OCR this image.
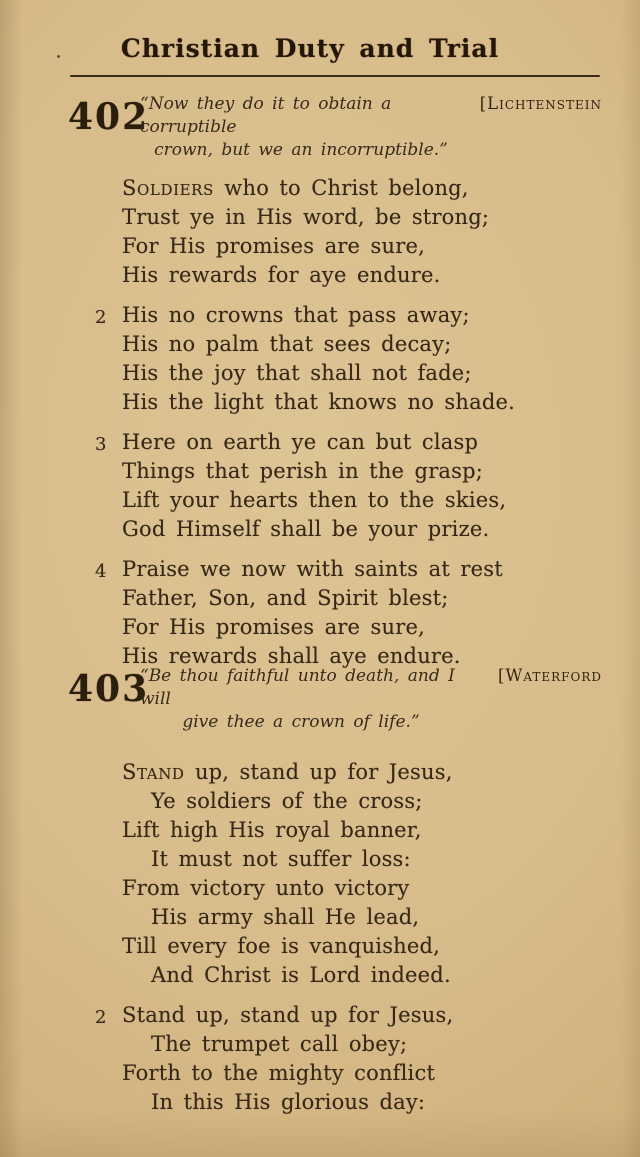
Christian Duty and Trial
402
“Now they do it to obtain a corruptible
[Lichtenstein
crown, but we an incorruptible.”
Soldiers who to Christ belong,
Trust ye in His word, be strong;
For His promises are sure,
His rewards for aye endure.
2 His no crowns that pass away;
His no palm that sees decay;
His the joy that shall not fade;
His the light that knows no shade.
3 Here on earth ye can but clasp
Things that perish in the grasp;
Lift your hearts then to the skies,
God Himself shall be your prize.
4 Praise we now with saints at rest
Father, Son, and Spirit blest;
For His promises are sure,
His rewards shall aye endure.
403
“Be thou faithful unto death, and I will
[Waterford
give thee a crown of life.”
Stand up, stand up for Jesus,
Ye soldiers of the cross;
Lift high His royal banner,
It must not suffer loss:
From victory unto victory
His army shall He lead,
Till every foe is vanquished,
And Christ is Lord indeed.
2 Stand up, stand up for Jesus,
The trumpet call obey;
Forth to the mighty conflict
In this His glorious day:
